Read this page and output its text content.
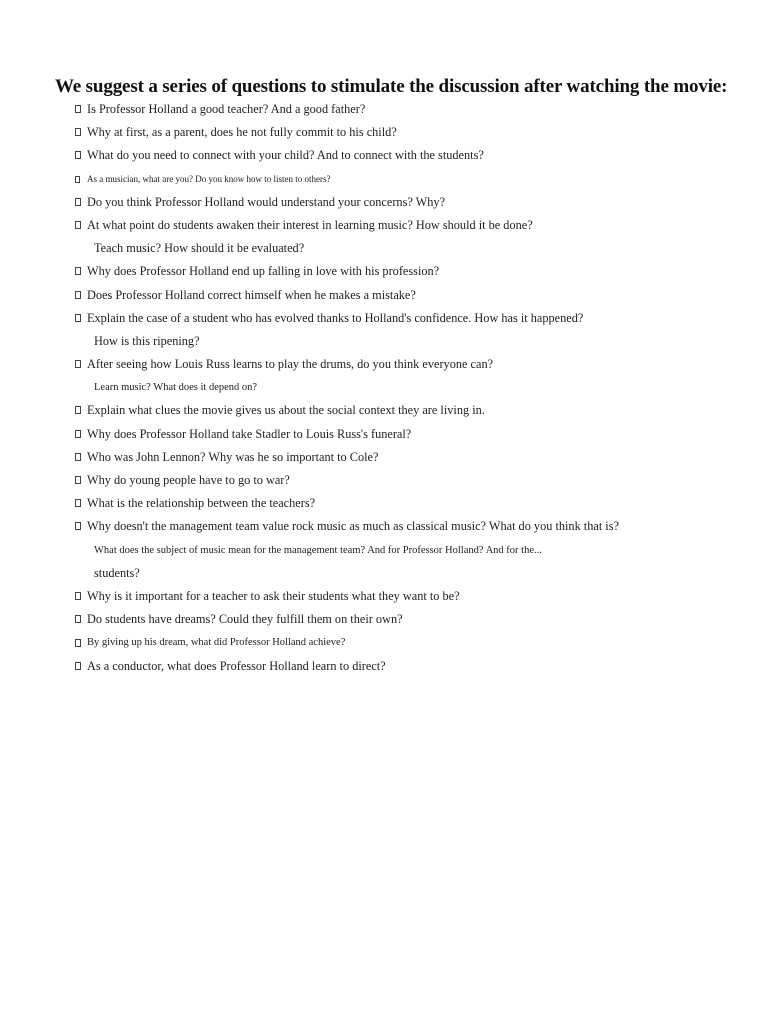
We suggest a series of questions to stimulate the discussion after watching the movie:
Is Professor Holland a good teacher? And a good father?
Why at first, as a parent, does he not fully commit to his child?
What do you need to connect with your child? And to connect with the students?
As a musician, what are you? Do you know how to listen to others?
Do you think Professor Holland would understand your concerns? Why?
At what point do students awaken their interest in learning music? How should it be done?
Teach music? How should it be evaluated?
Why does Professor Holland end up falling in love with his profession?
Does Professor Holland correct himself when he makes a mistake?
Explain the case of a student who has evolved thanks to Holland's confidence. How has it happened?
How is this ripening?
After seeing how Louis Russ learns to play the drums, do you think everyone can?
Learn music? What does it depend on?
Explain what clues the movie gives us about the social context they are living in.
Why does Professor Holland take Stadler to Louis Russ's funeral?
Who was John Lennon? Why was he so important to Cole?
Why do young people have to go to war?
What is the relationship between the teachers?
Why doesn't the management team value rock music as much as classical music? What do you think that is?
What does the subject of music mean for the management team? And for Professor Holland? And for the...
students?
Why is it important for a teacher to ask their students what they want to be?
Do students have dreams? Could they fulfill them on their own?
By giving up his dream, what did Professor Holland achieve?
As a conductor, what does Professor Holland learn to direct?
